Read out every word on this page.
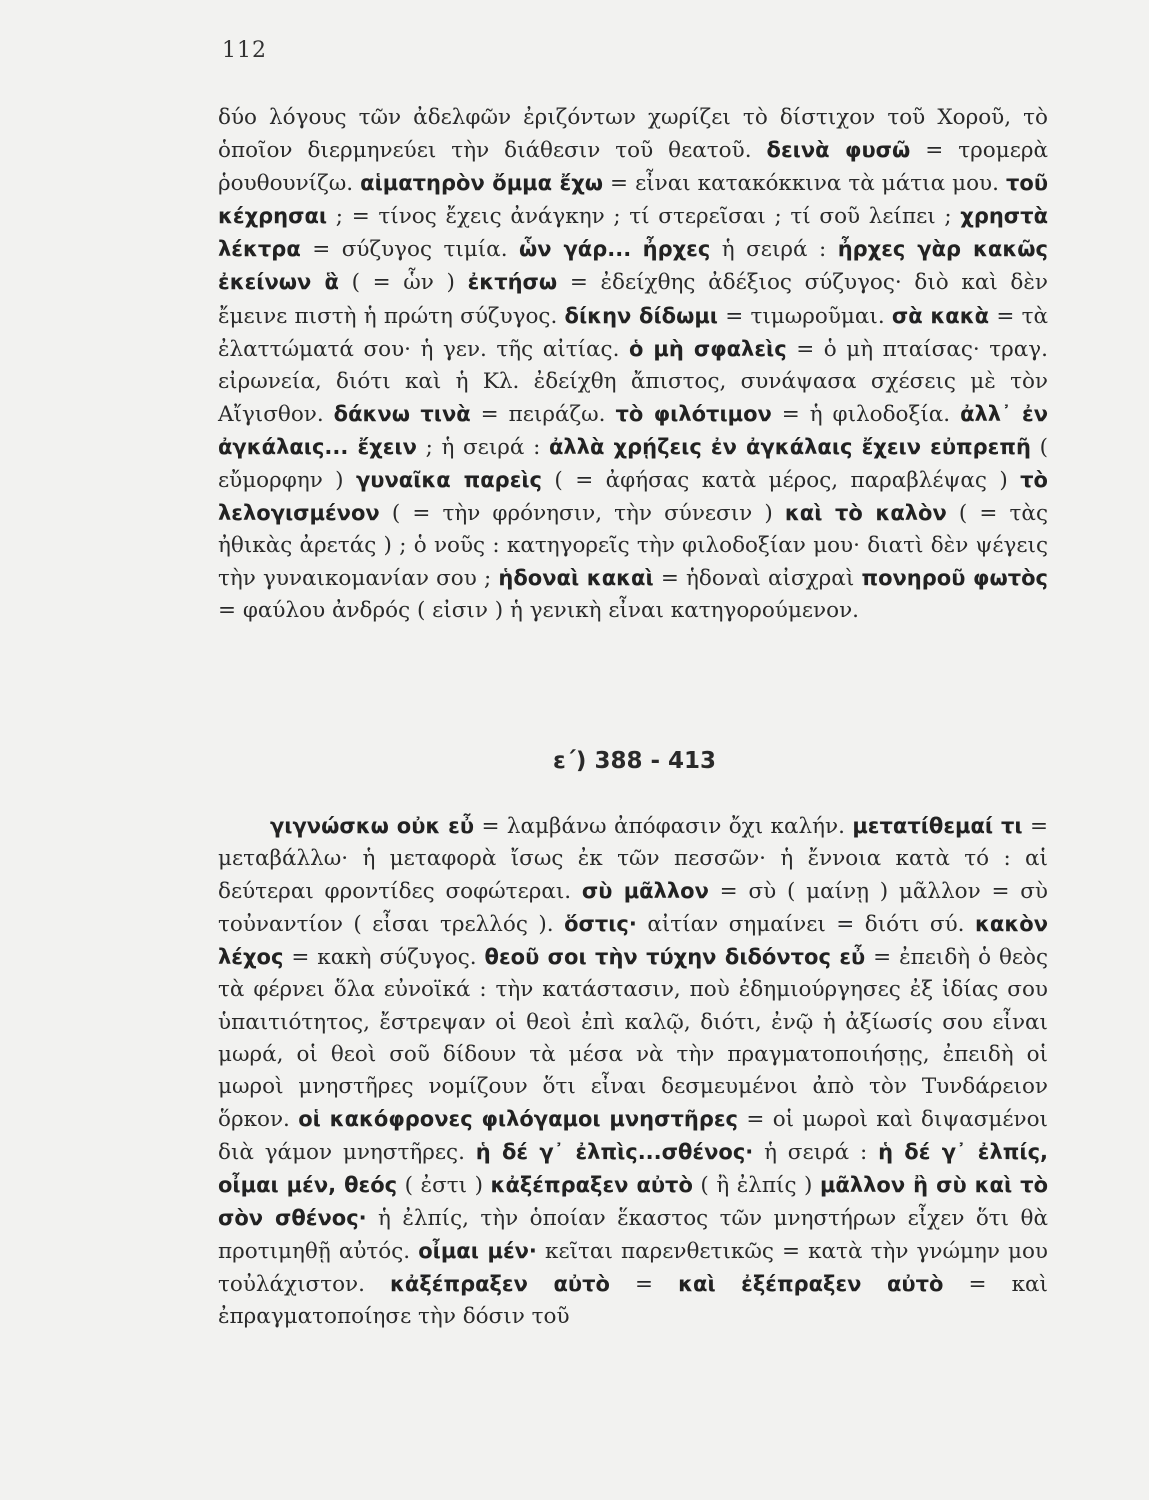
112

δύο λόγους τῶν ἀδελφῶν ἐριζόντων χωρίζει τὸ δίστιχον τοῦ Χοροῦ, τὸ ὁποῖον διερμηνεύει τὴν διάθεσιν τοῦ θεατοῦ. δεινὰ φυσῶ = τρομερὰ ῥουθουνίζω. αἱματηρὸν ὄμμα ἔχω = εἶναι κατακόκκινα τὰ μάτια μου. τοῦ κέχρησαι ; = τίνος ἔχεις ἀνάγκην ; τί στερεῖσαι ; τί σοῦ λείπει ; χρηστὰ λέκτρα = σύζυγος τιμία. ὧν γάρ... ἦρχες ἡ σειρά : ἦρχες γὰρ κακῶς ἐκείνων ἃ ( = ὧν ) ἐκτήσω = ἐδείχθης ἀδέξιος σύζυγος· διὸ καὶ δὲν ἔμεινε πιστὴ ἡ πρώτη σύζυγος. δίκην δίδωμι = τιμωροῦμαι. σὰ κακὰ = τὰ ἐλαττώματά σου· ἡ γεν. τῆς αἰτίας. ὁ μὴ σφαλεὶς = ὁ μὴ πταίσας· τραγ. εἰρωνεία, διότι καὶ ἡ Κλ. ἐδείχθη ἄπιστος, συνάψασα σχέσεις μὲ τὸν Αἴγισθον. δάκνω τινὰ = πειράζω. τὸ φιλότιμον = ἡ φιλοδοξία. ἀλλ᾽ ἐν ἀγκάλαις... ἔχειν ; ἡ σειρά : ἀλλὰ χρῄζεις ἐν ἀγκάλαις ἔχειν εὐπρεπῆ ( εὔμορφην ) γυναῖκα παρεὶς ( = ἀφήσας κατὰ μέρος, παραβλέψας ) τὸ λελογισμένον ( = τὴν φρόνησιν, τὴν σύνεσιν ) καὶ τὸ καλὸν ( = τὰς ἠθικὰς ἀρετάς ) ; ὁ νοῦς : κατηγορεῖς τὴν φιλοδοξίαν μου· διατὶ δὲν ψέγεις τὴν γυναικομανίαν σου ; ἡδοναὶ κακαὶ = ἡδοναὶ αἰσχραὶ πονηροῦ φωτὸς = φαύλου ἀνδρός ( εἰσιν ) ἡ γενικὴ εἶναι κατηγορούμενον.

ε΄) 388 - 413

γιγνώσκω οὐκ εὖ = λαμβάνω ἀπόφασιν ὄχι καλήν. μετατίθεμαί τι = μεταβάλλω· ἡ μεταφορὰ ἴσως ἐκ τῶν πεσσῶν· ἡ ἔννοια κατὰ τό : αἱ δεύτεραι φροντίδες σοφώτεραι. σὺ μᾶλλον = σὺ ( μαίνῃ ) μᾶλλον = σὺ τοὐναντίον ( εἶσαι τρελλός ). ὅστις· αἰτίαν σημαίνει = διότι σύ. κακὸν λέχος = κακὴ σύζυγος. θεοῦ σοι τὴν τύχην διδόντος εὖ = ἐπειδὴ ὁ θεὸς τὰ φέρνει ὅλα εὐνοϊκά : τὴν κατάστασιν, ποὺ ἐδημιούργησες ἐξ ἰδίας σου ὑπαιτιότητος, ἔστρεψαν οἱ θεοὶ ἐπὶ καλῷ, διότι, ἐνῷ ἡ ἀξίωσίς σου εἶναι μωρά, οἱ θεοὶ σοῦ δίδουν τὰ μέσα νὰ τὴν πραγματοποιήσῃς, ἐπειδὴ οἱ μωροὶ μνηστῆρες νομίζουν ὅτι εἶναι δεσμευμένοι ἀπὸ τὸν Τυνδάρειον ὅρκον. οἱ κακόφρονες φιλόγαμοι μνηστῆρες = οἱ μωροὶ καὶ διψασμένοι διὰ γάμον μνηστῆρες. ἡ δέ γ᾽ ἐλπὶς...σθένος· ἡ σειρά : ἡ δέ γ᾽ ἐλπίς, οἶμαι μέν, θεός ( ἐστι ) κἀξέπραξεν αὐτὸ ( ἢ ἐλπίς ) μᾶλλον ἢ σὺ καὶ τὸ σὸν σθένος· ἡ ἐλπίς, τὴν ὁποίαν ἕκαστος τῶν μνηστήρων εἶχεν ὅτι θὰ προτιμηθῇ αὐτός. οἶμαι μέν· κεῖται παρενθετικῶς = κατὰ τὴν γνώμην μου τοὐλάχιστον. κἀξέπραξεν αὐτὸ = καὶ ἐξέπραξεν αὐτὸ = καὶ ἐπραγματοποίησε τὴν δόσιν τοῦ
